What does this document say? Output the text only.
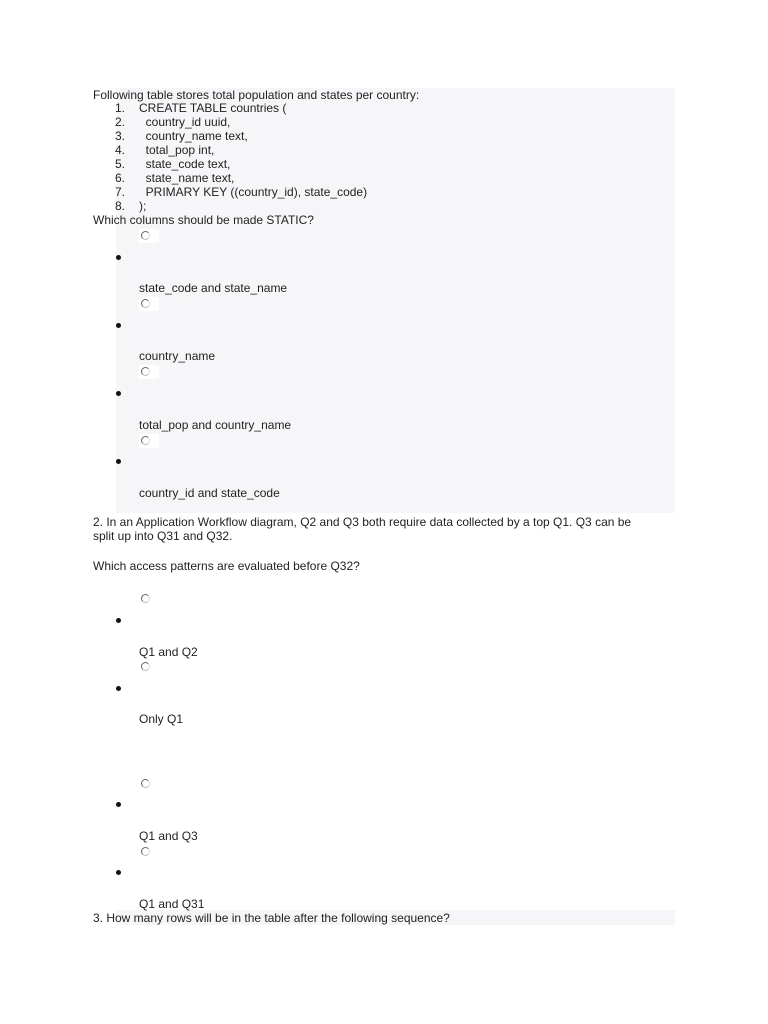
Following table stores total population and states per country:
1. CREATE TABLE countries (
2. country_id uuid,
3. country_name text,
4. total_pop int,
5. state_code text,
6. state_name text,
7. PRIMARY KEY ((country_id), state_code)
8. );
Which columns should be made STATIC?
state_code and state_name
country_name
total_pop and country_name
country_id and state_code
2. In an Application Workflow diagram, Q2 and Q3 both require data collected by a top Q1. Q3 can be
split up into Q31 and Q32.
Which access patterns are evaluated before Q32?
Q1 and Q2
Only Q1
Q1 and Q3
Q1 and Q31
3. How many rows will be in the table after the following sequence?
